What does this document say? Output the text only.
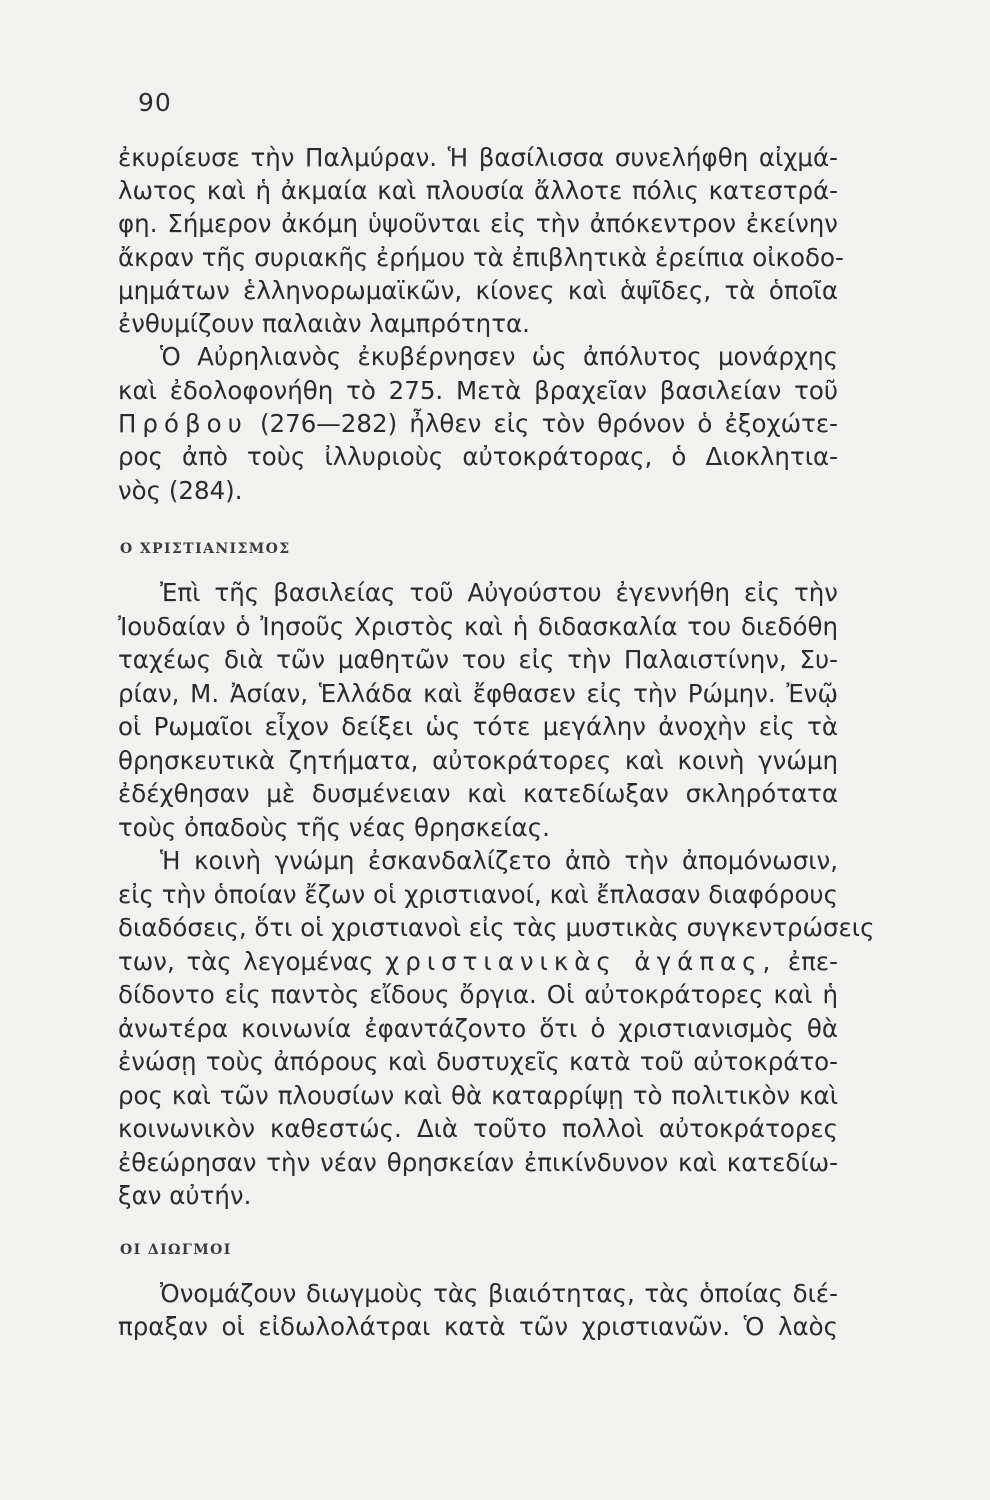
90
ἐκυρίευσε τὴν Παλμύραν. Ἡ βασίλισσα συνελήφθη αἰχμά-
λωτος καὶ ἡ ἀκμαία καὶ πλουσία ἄλλοτε πόλις κατεστρά-
φη. Σήμερον ἀκόμη ὑψοῦνται εἰς τὴν ἀπόκεντρον ἐκείνην
ἄκραν τῆς συριακῆς ἐρήμου τὰ ἐπιβλητικὰ ἐρείπια οἰκοδο-
μημάτων ἑλληνορωμαϊκῶν, κίονες καὶ ἁψῖδες, τὰ ὁποῖα
ἐνθυμίζουν παλαιὰν λαμπρότητα.
Ὁ Αὐρηλιανὸς ἐκυβέρνησεν ὡς ἀπόλυτος μονάρχης
καὶ ἐδολοφονήθη τὸ 275. Μετὰ βραχεῖαν βασιλείαν τοῦ
Πρόβου (276—282) ἦλθεν εἰς τὸν θρόνον ὁ ἐξοχώτε-
ρος ἀπὸ τοὺς ἰλλυριοὺς αὐτοκράτορας, ὁ Διοκλητια-
νὸς (284).
Ο ΧΡΙΣΤΙΑΝΙΣΜΟΣ
Ἐπὶ τῆς βασιλείας τοῦ Αὐγούστου ἐγεννήθη εἰς τὴν
Ἰουδαίαν ὁ Ἰησοῦς Χριστὸς καὶ ἡ διδασκαλία του διεδόθη
ταχέως διὰ τῶν μαθητῶν του εἰς τὴν Παλαιστίνην, Συ-
ρίαν, Μ. Ἀσίαν, Ἑλλάδα καὶ ἔφθασεν εἰς τὴν Ρώμην. Ἐνῷ
οἱ Ρωμαῖοι εἶχον δείξει ὡς τότε μεγάλην ἀνοχὴν εἰς τὰ
θρησκευτικὰ ζητήματα, αὐτοκράτορες καὶ κοινὴ γνώμη
ἐδέχθησαν μὲ δυσμένειαν καὶ κατεδίωξαν σκληρότατα
τοὺς ὀπαδοὺς τῆς νέας θρησκείας.
Ἡ κοινὴ γνώμη ἐσκανδαλίζετο ἀπὸ τὴν ἀπομόνωσιν,
εἰς τὴν ὁποίαν ἔζων οἱ χριστιανοί, καὶ ἔπλασαν διαφόρους
διαδόσεις, ὅτι οἱ χριστιανοὶ εἰς τὰς μυστικὰς συγκεντρώσεις
των, τὰς λεγομένας χριστιανικὰς ἀγάπας, ἐπε-
δίδοντο εἰς παντὸς εἴδους ὄργια. Οἱ αὐτοκράτορες καὶ ἡ
ἀνωτέρα κοινωνία ἐφαντάζοντο ὅτι ὁ χριστιανισμὸς θὰ
ἐνώσῃ τοὺς ἀπόρους καὶ δυστυχεῖς κατὰ τοῦ αὐτοκράτο-
ρος καὶ τῶν πλουσίων καὶ θὰ καταρρίψῃ τὸ πολιτικὸν καὶ
κοινωνικὸν καθεστώς. Διὰ τοῦτο πολλοὶ αὐτοκράτορες
ἐθεώρησαν τὴν νέαν θρησκείαν ἐπικίνδυνον καὶ κατεδίω-
ξαν αὐτήν.
ΟΙ ΔΙΩΓΜΟΙ
Ὀνομάζουν διωγμοὺς τὰς βιαιότητας, τὰς ὁποίας διέ-
πραξαν οἱ εἰδωλολάτραι κατὰ τῶν χριστιανῶν. Ὁ λαὸς
